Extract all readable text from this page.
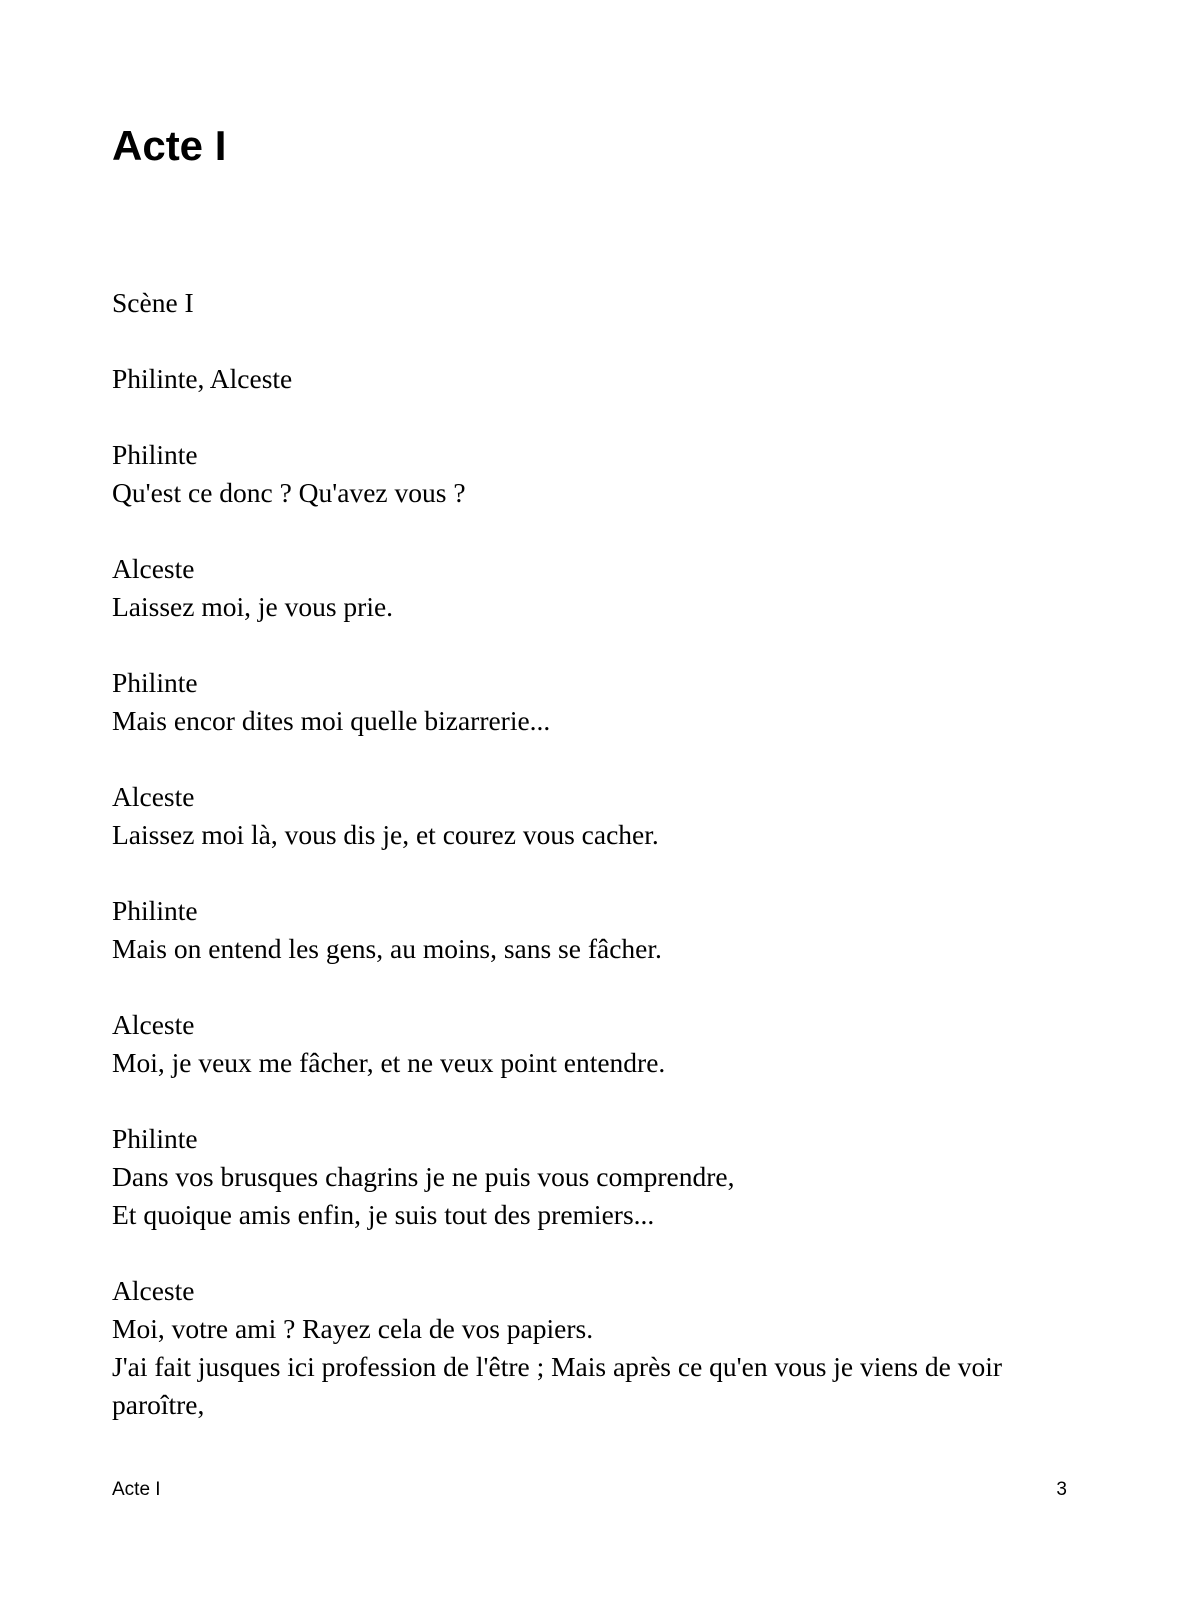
Acte I

Scène I

Philinte, Alceste

Philinte

Qu'est ce donc ? Qu'avez vous ?

Alceste

Laissez moi, je vous prie.

Philinte

Mais encor dites moi quelle bizarrerie...

Alceste

Laissez moi là, vous dis je, et courez vous cacher.

Philinte

Mais on entend les gens, au moins, sans se fâcher.

Alceste

Moi, je veux me fâcher, et ne veux point entendre.

Philinte

Dans vos brusques chagrins je ne puis vous comprendre,

Et quoique amis enfin, je suis tout des premiers...

Alceste

Moi, votre ami ? Rayez cela de vos papiers.

J'ai fait jusques ici profession de l'être ; Mais après ce qu'en vous je viens de voir paroître,

Acte I	3
